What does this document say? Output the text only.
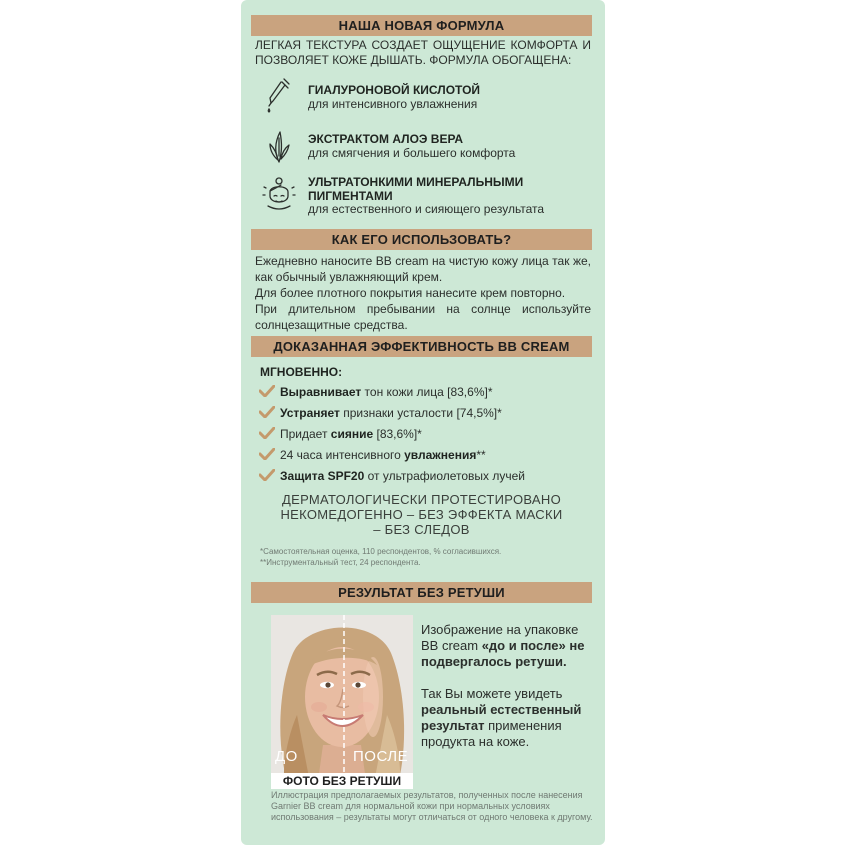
НАША НОВАЯ ФОРМУЛА
ЛЕГКАЯ ТЕКСТУРА СОЗДАЕТ ОЩУЩЕНИЕ КОМФОРТА И ПОЗВОЛЯЕТ КОЖЕ ДЫШАТЬ. ФОРМУЛА ОБОГАЩЕНА:
ГИАЛУРОНОВОЙ КИСЛОТОЙ
для интенсивного увлажнения
ЭКСТРАКТОМ АЛОЭ ВЕРА
для смягчения и большего комфорта
УЛЬТРАТОНКИМИ МИНЕРАЛЬНЫМИ ПИГМЕНТАМИ
для естественного и сияющего результата
КАК ЕГО ИСПОЛЬЗОВАТЬ?

Ежедневно наносите BB cream на чистую кожу лица так же, как обычный увлажняющий крем.

Для более плотного покрытия нанесите крем повторно.

При длительном пребывании на солнце используйте солнцезащитные средства.

ДОКАЗАННАЯ ЭФФЕКТИВНОСТЬ BB CREAM
МГНОВЕННО:
Выравнивает тон кожи лица [83,6%]*
Устраняет признаки усталости [74,5%]*
Придает сияние [83,6%]*
24 часа интенсивного увлажнения**
Защита SPF20 от ультрафиолетовых лучей
ДЕРМАТОЛОГИЧЕСКИ ПРОТЕСТИРОВАНО
НЕКОМЕДОГЕННО – БЕЗ ЭФФЕКТА МАСКИ
– БЕЗ СЛЕДОВ
*Самостоятельная оценка, 110 респондентов, % согласившихся.
**Инструментальный тест, 24 респондента.
РЕЗУЛЬТАТ БЕЗ РЕТУШИ
ДО	ПОСЛЕ
ФОТО БЕЗ РЕТУШИ

Изображение на упаковке BB cream «до и после» не подвергалось ретуши.

Так Вы можете увидеть реальный естественный результат применения продукта на коже.

Иллюстрация предполагаемых результатов, полученных после нанесения Garnier BB cream для нормальной кожи при нормальных условиях использования – результаты могут отличаться от одного человека к другому.
